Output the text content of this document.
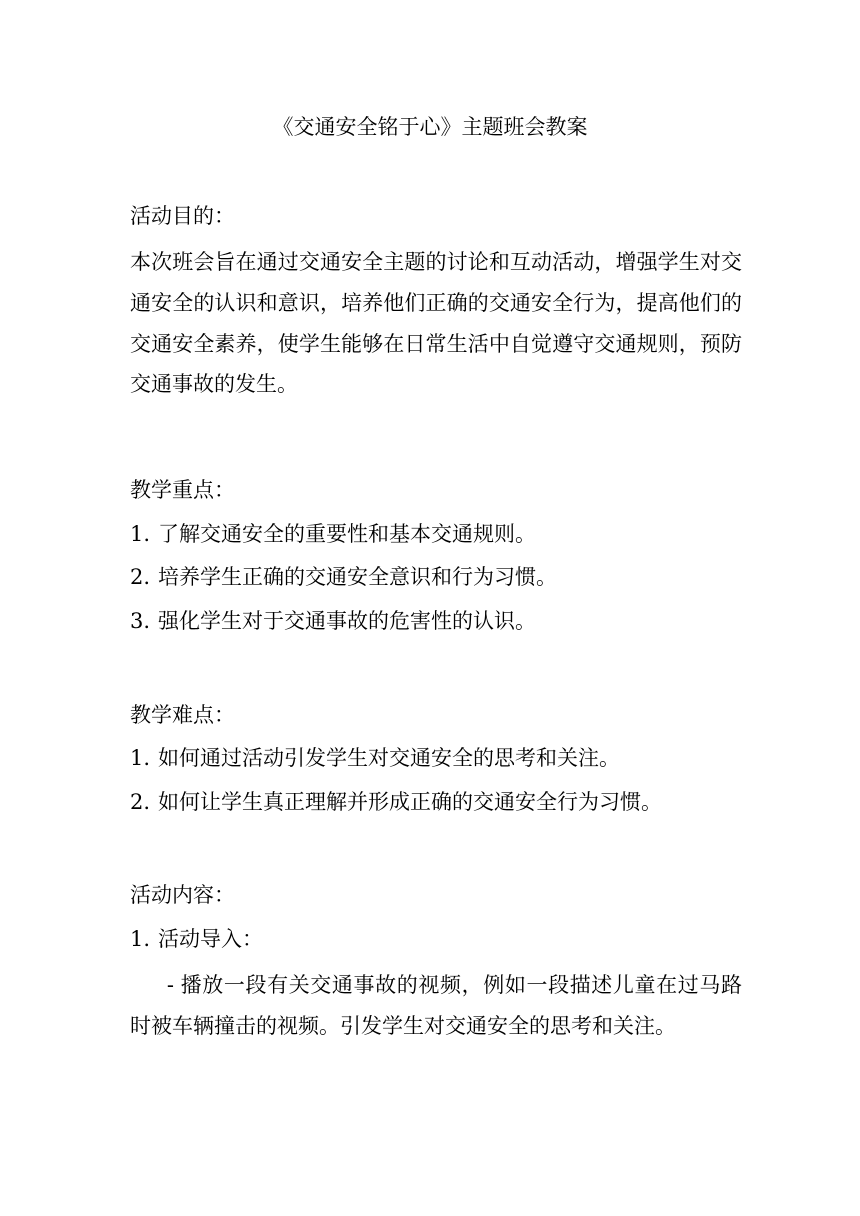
《交通安全铭于心》主题班会教案
活动目的：
本次班会旨在通过交通安全主题的讨论和互动活动，增强学生对交通安全的认识和意识，培养他们正确的交通安全行为，提高他们的交通安全素养，使学生能够在日常生活中自觉遵守交通规则，预防交通事故的发生。
教学重点：
1. 了解交通安全的重要性和基本交通规则。
2. 培养学生正确的交通安全意识和行为习惯。
3. 强化学生对于交通事故的危害性的认识。
教学难点：
1. 如何通过活动引发学生对交通安全的思考和关注。
2. 如何让学生真正理解并形成正确的交通安全行为习惯。
活动内容：
1. 活动导入：
- 播放一段有关交通事故的视频，例如一段描述儿童在过马路时被车辆撞击的视频。引发学生对交通安全的思考和关注。
